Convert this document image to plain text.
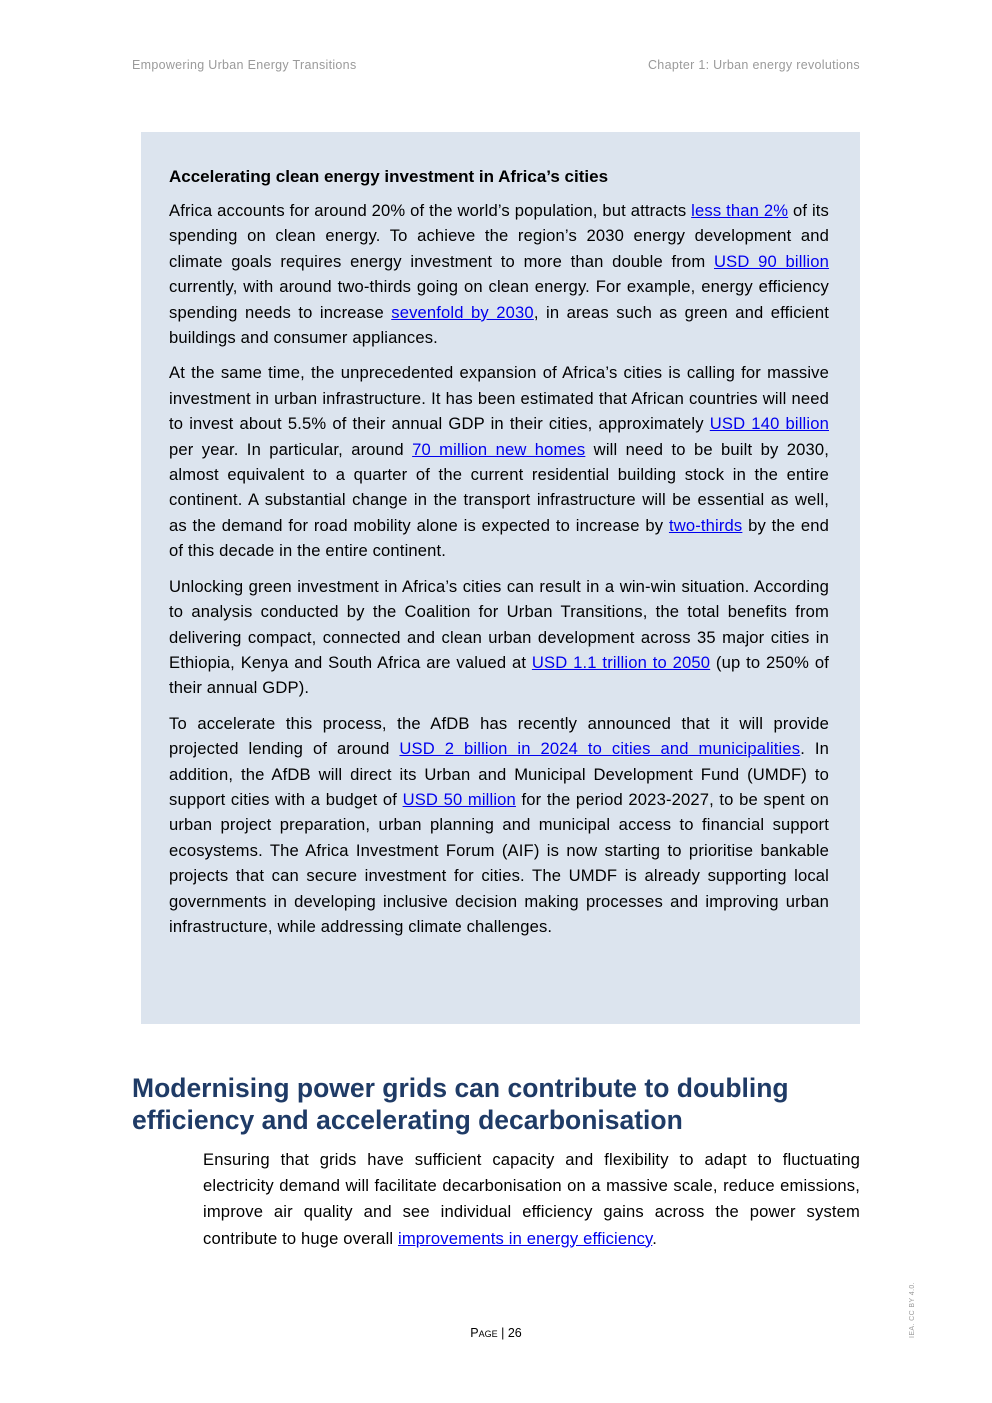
Empowering Urban Energy Transitions	Chapter 1: Urban energy revolutions
Accelerating clean energy investment in Africa’s cities

Africa accounts for around 20% of the world’s population, but attracts less than 2% of its spending on clean energy. To achieve the region’s 2030 energy development and climate goals requires energy investment to more than double from USD 90 billion currently, with around two-thirds going on clean energy. For example, energy efficiency spending needs to increase sevenfold by 2030, in areas such as green and efficient buildings and consumer appliances.

At the same time, the unprecedented expansion of Africa’s cities is calling for massive investment in urban infrastructure. It has been estimated that African countries will need to invest about 5.5% of their annual GDP in their cities, approximately USD 140 billion per year. In particular, around 70 million new homes will need to be built by 2030, almost equivalent to a quarter of the current residential building stock in the entire continent. A substantial change in the transport infrastructure will be essential as well, as the demand for road mobility alone is expected to increase by two-thirds by the end of this decade in the entire continent.

Unlocking green investment in Africa’s cities can result in a win-win situation. According to analysis conducted by the Coalition for Urban Transitions, the total benefits from delivering compact, connected and clean urban development across 35 major cities in Ethiopia, Kenya and South Africa are valued at USD 1.1 trillion to 2050 (up to 250% of their annual GDP).

To accelerate this process, the AfDB has recently announced that it will provide projected lending of around USD 2 billion in 2024 to cities and municipalities. In addition, the AfDB will direct its Urban and Municipal Development Fund (UMDF) to support cities with a budget of USD 50 million for the period 2023-2027, to be spent on urban project preparation, urban planning and municipal access to financial support ecosystems. The Africa Investment Forum (AIF) is now starting to prioritise bankable projects that can secure investment for cities. The UMDF is already supporting local governments in developing inclusive decision making processes and improving urban infrastructure, while addressing climate challenges.

Modernising power grids can contribute to doubling efficiency and accelerating decarbonisation

Ensuring that grids have sufficient capacity and flexibility to adapt to fluctuating electricity demand will facilitate decarbonisation on a massive scale, reduce emissions, improve air quality and see individual efficiency gains across the power system contribute to huge overall improvements in energy efficiency.

Page | 26	IEA. CC BY 4.0.
